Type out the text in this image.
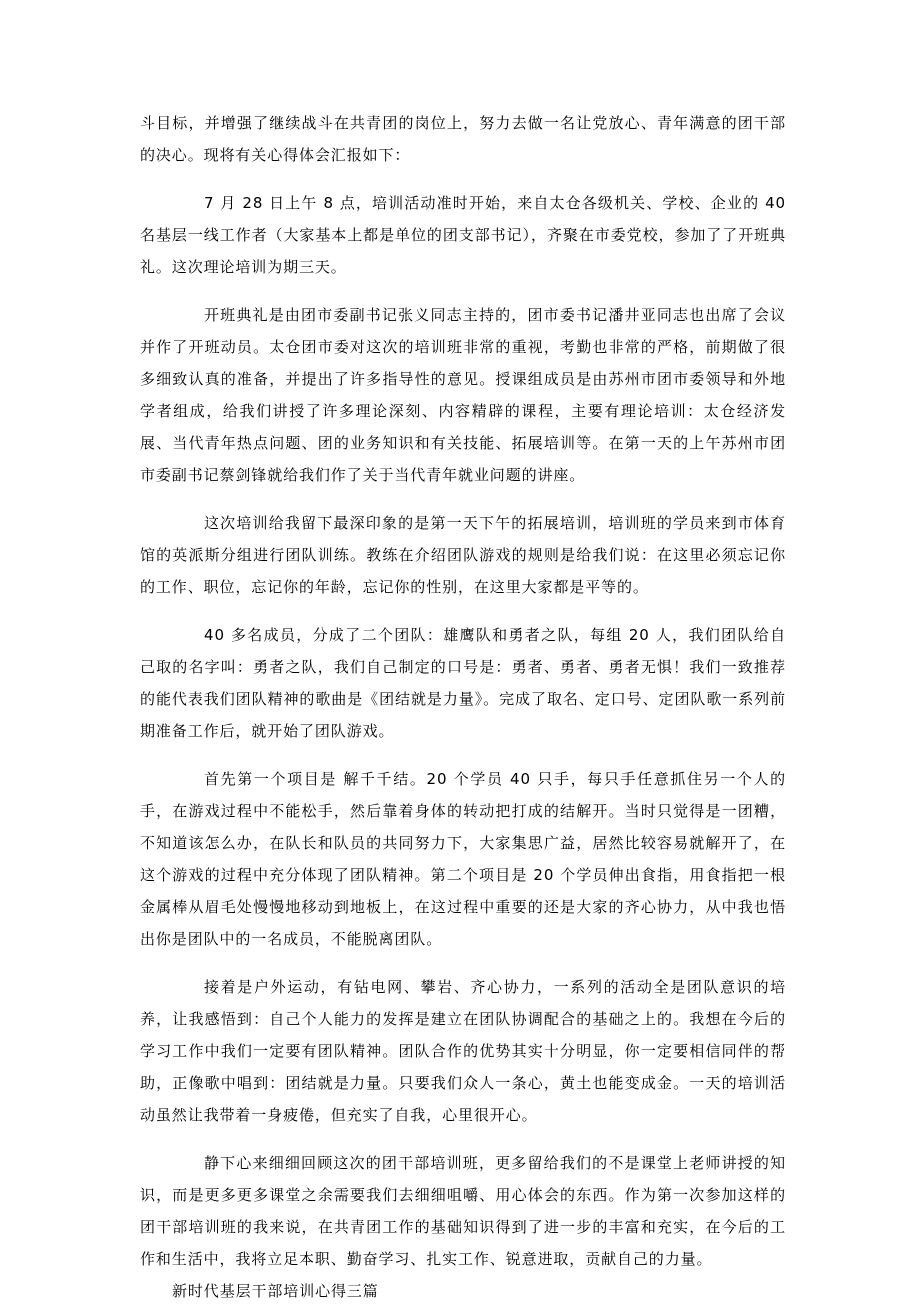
斗目标，并增强了继续战斗在共青团的岗位上，努力去做一名让党放心、青年满意的团干部的决心。现将有关心得体会汇报如下：

7 月 28 日上午 8 点，培训活动准时开始，来自太仓各级机关、学校、企业的 40 名基层一线工作者（大家基本上都是单位的团支部书记），齐聚在市委党校，参加了了开班典礼。这次理论培训为期三天。

开班典礼是由团市委副书记张义同志主持的，团市委书记潘井亚同志也出席了会议并作了开班动员。太仓团市委对这次的培训班非常的重视，考勤也非常的严格，前期做了很多细致认真的准备，并提出了许多指导性的意见。授课组成员是由苏州市团市委领导和外地学者组成，给我们讲授了许多理论深刻、内容精辟的课程，主要有理论培训：太仓经济发展、当代青年热点问题、团的业务知识和有关技能、拓展培训等。在第一天的上午苏州市团市委副书记蔡剑锋就给我们作了关于当代青年就业问题的讲座。

这次培训给我留下最深印象的是第一天下午的拓展培训，培训班的学员来到市体育馆的英派斯分组进行团队训练。教练在介绍团队游戏的规则是给我们说：在这里必须忘记你的工作、职位，忘记你的年龄，忘记你的性别，在这里大家都是平等的。

40 多名成员，分成了二个团队：雄鹰队和勇者之队，每组 20 人，我们团队给自己取的名字叫：勇者之队，我们自己制定的口号是：勇者、勇者、勇者无惧！我们一致推荐的能代表我们团队精神的歌曲是《团结就是力量》。完成了取名、定口号、定团队歌一系列前期准备工作后，就开始了团队游戏。

首先第一个项目是 解千千结。20 个学员 40 只手，每只手任意抓住另一个人的手，在游戏过程中不能松手，然后靠着身体的转动把打成的结解开。当时只觉得是一团糟，不知道该怎么办，在队长和队员的共同努力下，大家集思广益，居然比较容易就解开了，在这个游戏的过程中充分体现了团队精神。第二个项目是 20 个学员伸出食指，用食指把一根金属棒从眉毛处慢慢地移动到地板上，在这过程中重要的还是大家的齐心协力，从中我也悟出你是团队中的一名成员，不能脱离团队。

接着是户外运动，有钻电网、攀岩、齐心协力，一系列的活动全是团队意识的培养，让我感悟到：自己个人能力的发挥是建立在团队协调配合的基础之上的。我想在今后的学习工作中我们一定要有团队精神。团队合作的优势其实十分明显，你一定要相信同伴的帮助，正像歌中唱到：团结就是力量。只要我们众人一条心，黄土也能变成金。一天的培训活动虽然让我带着一身疲倦，但充实了自我，心里很开心。

静下心来细细回顾这次的团干部培训班，更多留给我们的不是课堂上老师讲授的知识，而是更多更多课堂之余需要我们去细细咀嚼、用心体会的东西。作为第一次参加这样的团干部培训班的我来说，在共青团工作的基础知识得到了进一步的丰富和充实，在今后的工作和生活中，我将立足本职、勤奋学习、扎实工作、锐意进取，贡献自己的力量。

新时代基层干部培训心得三篇
